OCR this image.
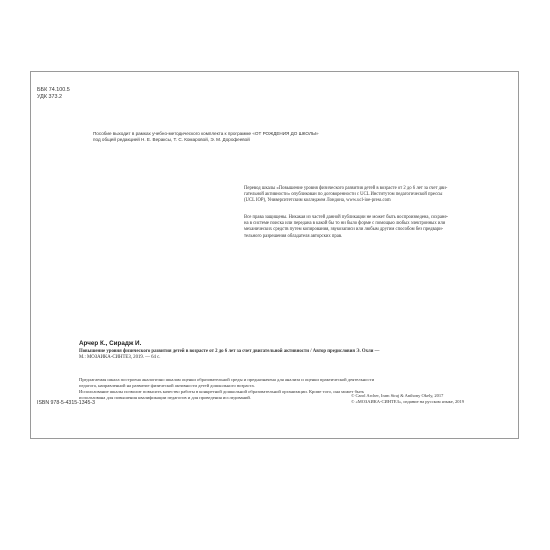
ББК 74.100.5
УДК 373.2
Пособие выходит в рамках учебно-методического комплекта к программе «ОТ РОЖДЕНИЯ ДО ШКОЛЫ»
под общей редакцией Н. Е. Вераксы, Т. С. Комаровой, Э. М. Дорофеевой
Перевод шкалы «Повышение уровня физического развития детей в возрасте от 2 до 6 лет за счет дви-
гательной активности» опубликован по договоренности с UCL Институтом педагогической прессы
(UCL IOP), Университетским колледжем Лондона, www.ucl-ioe-press.com
Все права защищены. Никакая из частей данной публикации не может быть воспроизведена, сохране-
на в системе поиска или передана в какой бы то ни было форме с помощью любых электронных или
механических средств путем копирования, звукозаписи или любым другим способом без предвари-
тельного разрешения обладателя авторских прав.
Арчер К., Сирадж И.
Повышение уровня физического развития детей в возрасте от 2 до 6 лет за счет двигательной активности / Автор предисловия Э. Охли —
М.: МОЗАИКА-СИНТЕЗ, 2019. — 64 с.
Предлагаемая шкала построена аналогично шкалам оценки образовательной среды и предназначена для анализа и оценки практической деятельности
педагога, направленной на развитие физической активности детей дошкольного возраста.
Использование шкалы позволит повысить качество работы в конкретной дошкольной образовательной организации. Кроме того, она может быть
использована для повышения квалификации педагогов и для проведения исследований.
ISBN 978-5-4315-1345-3
© Carol Archer, Iram Siraj & Anthony Okely, 2017
© «МОЗАИКА-СИНТЕЗ», издание на русском языке, 2019
